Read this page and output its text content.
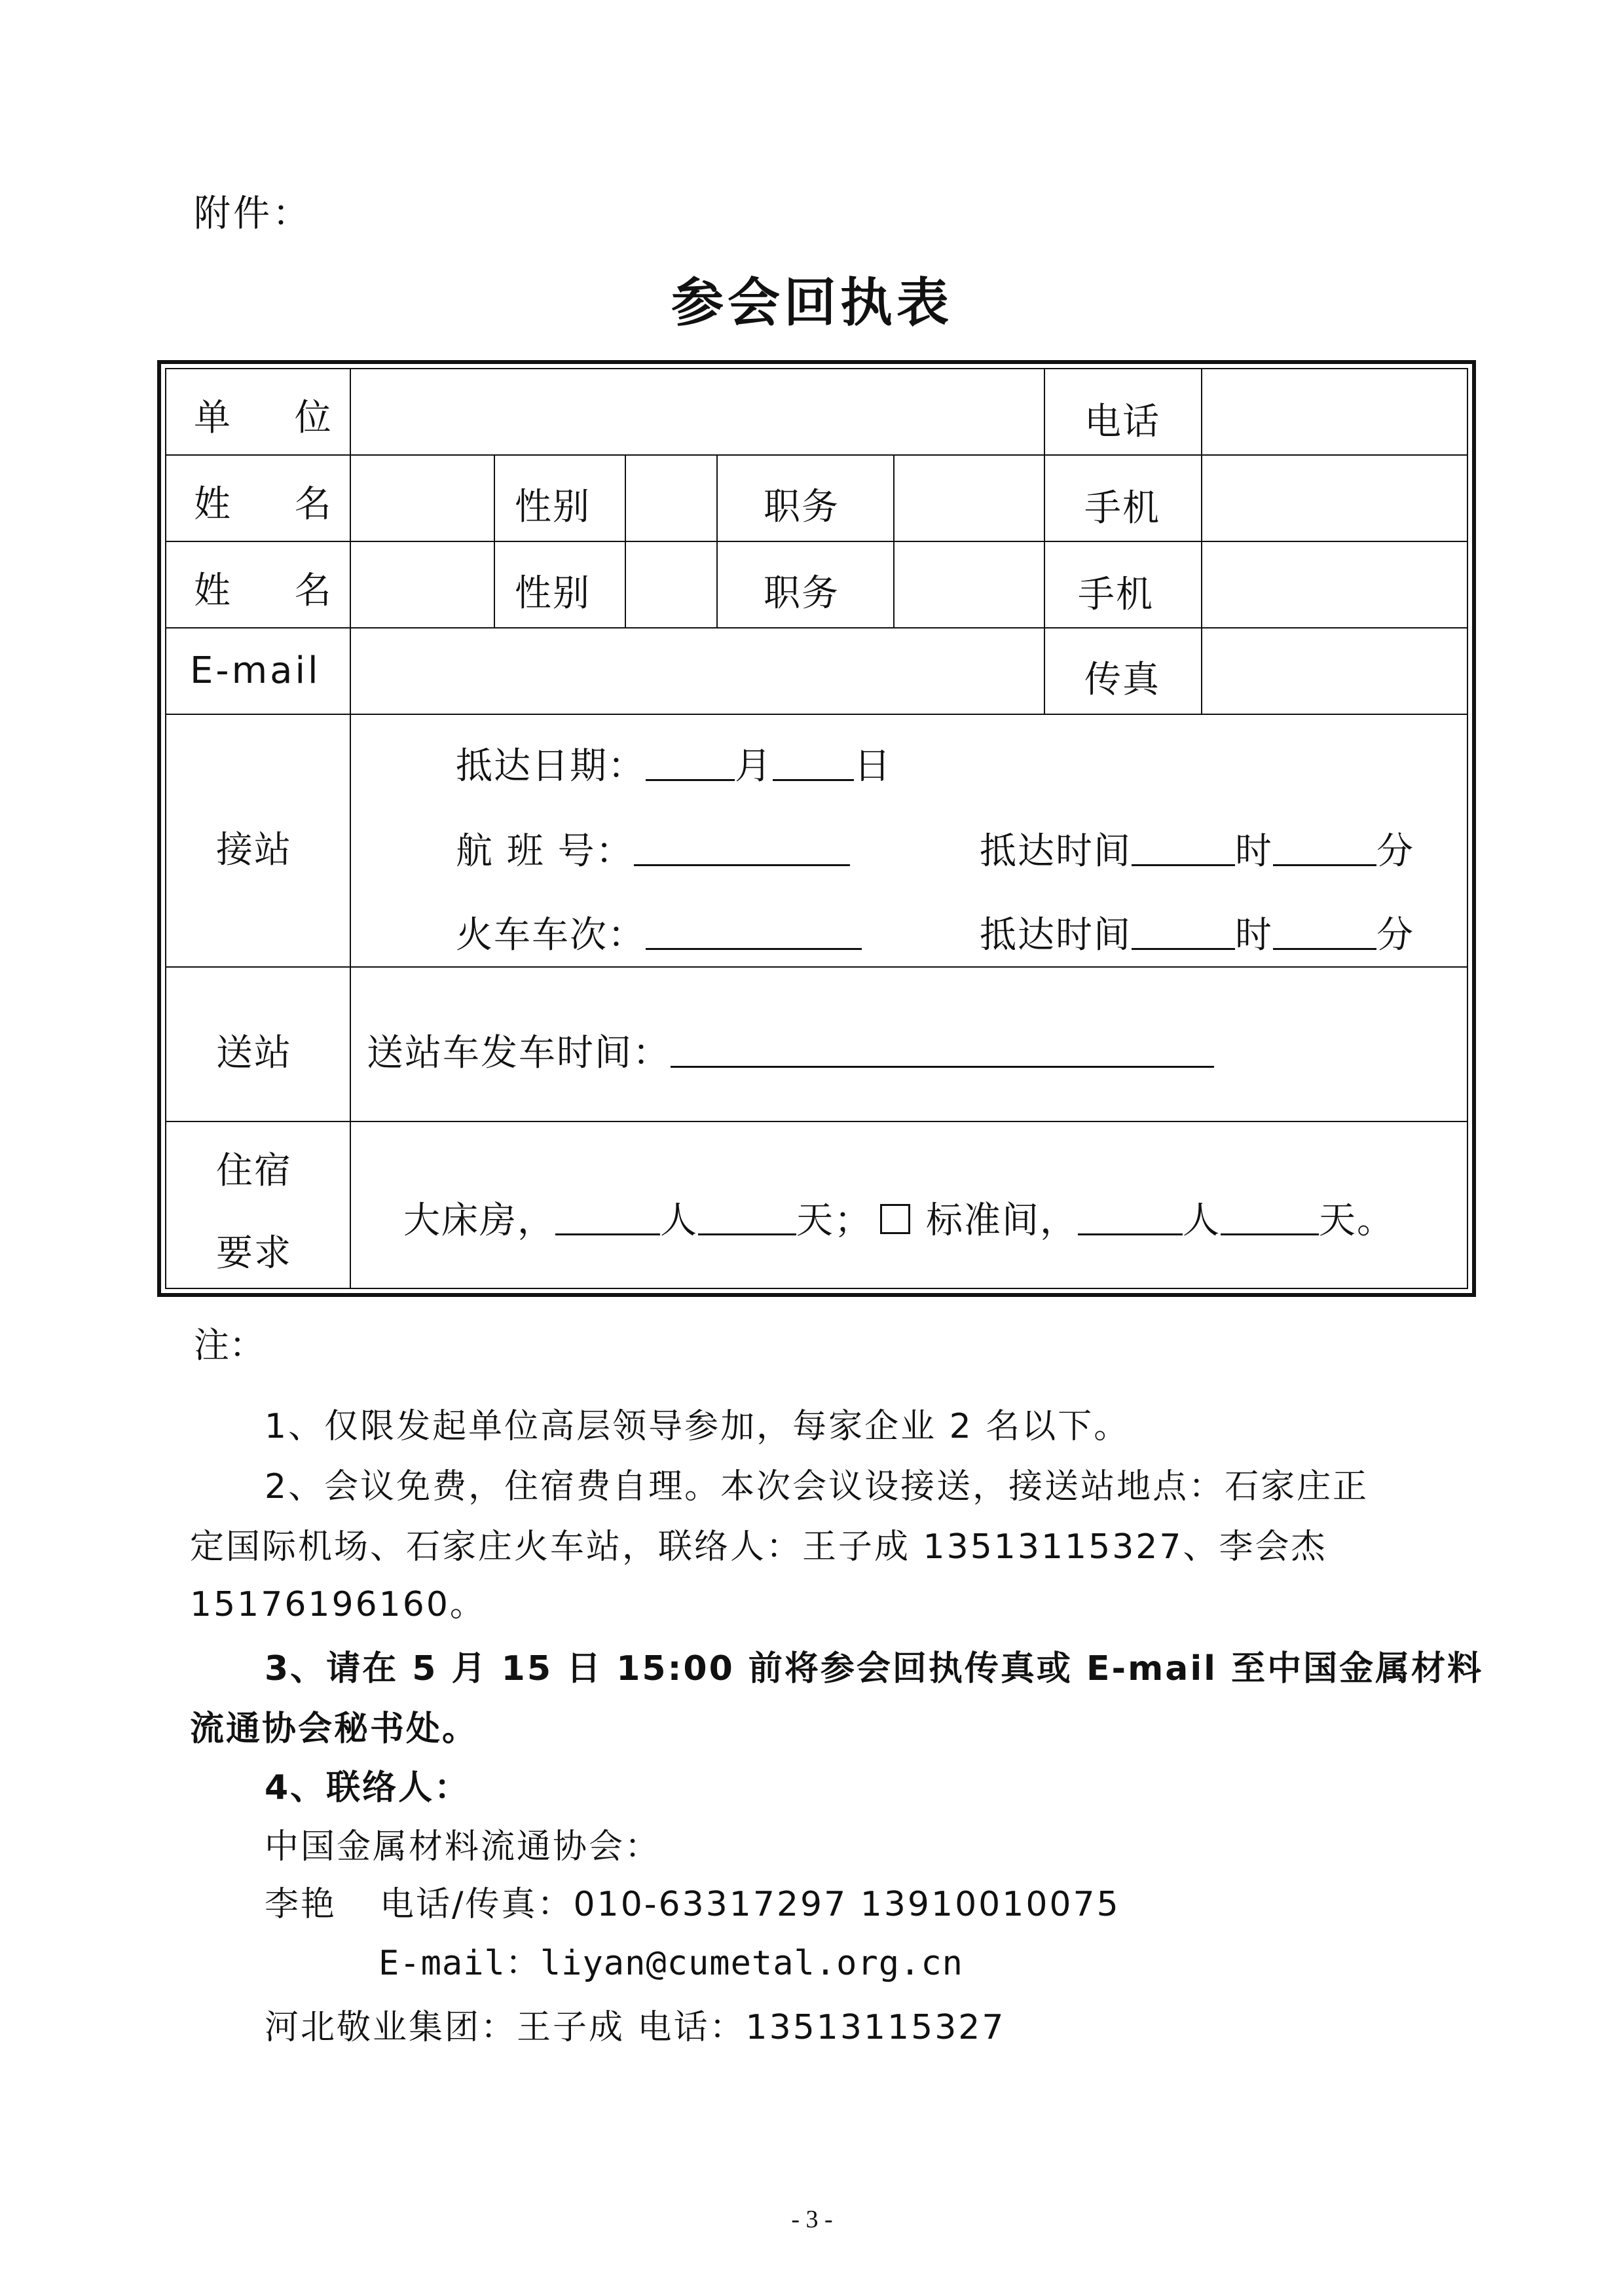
附件：
参会回执表
单 位	电话
姓 名	性别	职务	手机
姓 名	性别	职务	手机
E-mail	传真
接站
抵达日期： 月 日
航 班 号：	抵达时间	时	分
火车车次：	抵达时间	时	分
送站 送站车发车时间：
住宿
要求
大床房，	人	天； 标准间，	人	天。
注：
1、仅限发起单位高层领导参加，每家企业 2 名以下。
2、会议免费，住宿费自理。本次会议设接送，接送站地点：石家庄正
定国际机场、石家庄火车站，联络人：王子成 13513115327、李会杰
15176196160。
3、请在 5 月 15 日 15:00 前将参会回执传真或 E-mail 至中国金属材料
流通协会秘书处。
4、联络人：
中国金属材料流通协会：
李艳 电话/传真：010-63317297 13910010075
E-mail：liyan@cumetal.org.cn
河北敬业集团：王子成 电话：13513115327
- 3 -
